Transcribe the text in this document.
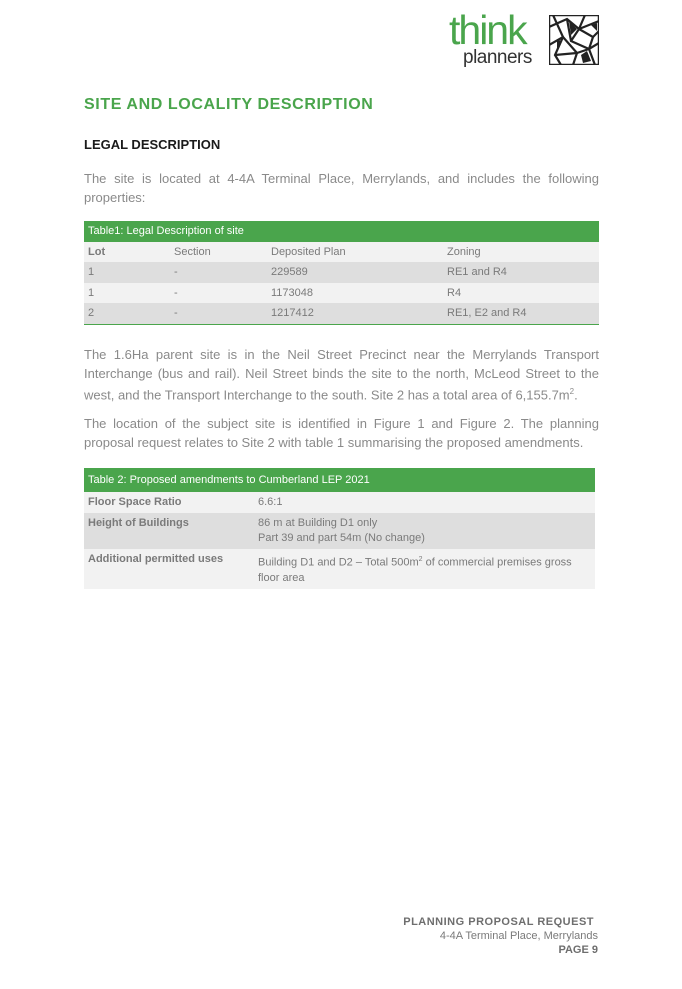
think
planners
SITE AND LOCALITY DESCRIPTION
LEGAL DESCRIPTION

The site is located at 4-4A Terminal Place, Merrylands, and includes the following properties:

Table1: Legal Description of site			
Lot	Section	Deposited Plan	Zoning
1	-	229589	RE1 and R4
1	-	1173048	R4
2	-	1217412	RE1, E2 and R4

The 1.6Ha parent site is in the Neil Street Precinct near the Merrylands Transport Interchange (bus and rail). Neil Street binds the site to the north, McLeod Street to the west, and the Transport Interchange to the south. Site 2 has a total area of $6,155.7m^2$.

The location of the subject site is identified in Figure 1 and Figure 2. The planning proposal request relates to Site 2 with table 1 summarising the proposed amendments.

Table 2: Proposed amendments to Cumberland LEP 2021	
Floor Space Ratio	6.6:1
Height of Buildings	86 m at Building D1 only
Part 39 and part 54m (No change)

Additional permitted uses	Building D1 and D2 – Total $500m^2$ of commercial premises gross floor area
PLANNING PROPOSAL REQUEST
4-4A Terminal Place, Merrylands
PAGE 9
